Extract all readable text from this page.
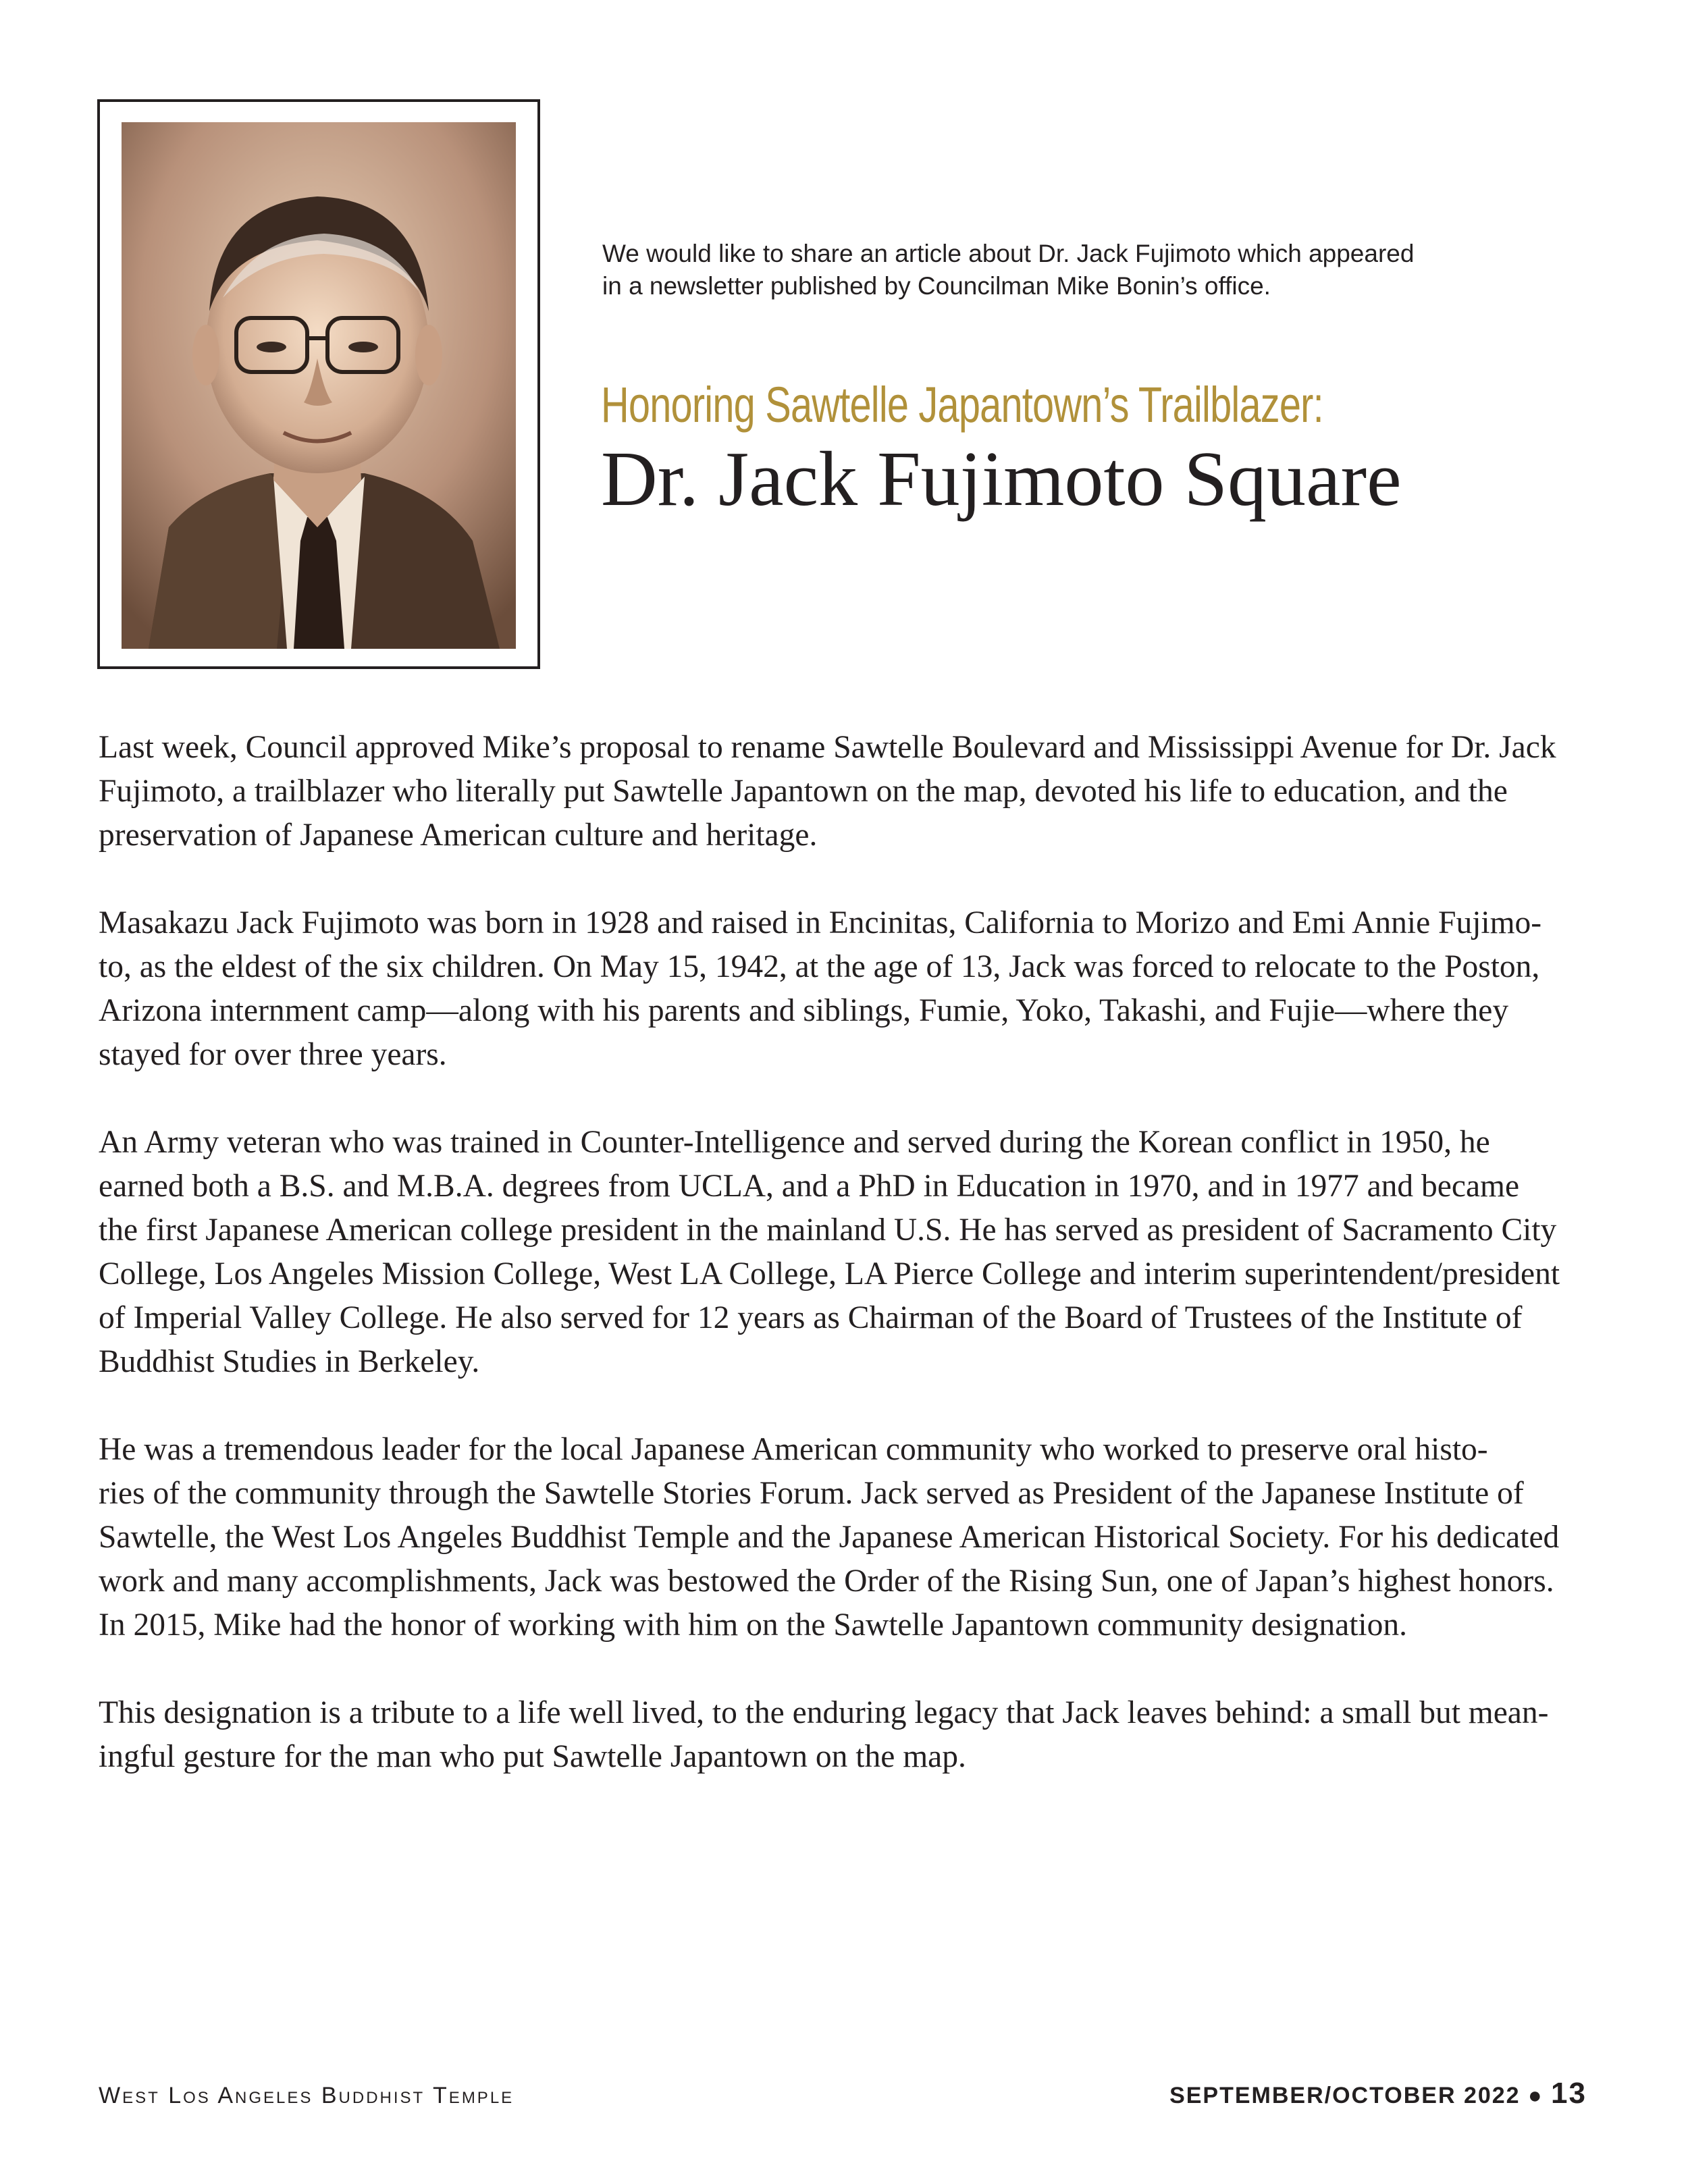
We would like to share an article about Dr. Jack Fujimoto which appeared
in a newsletter published by Councilman Mike Bonin’s office.
Honoring Sawtelle Japantown’s Trailblazer:
Dr. Jack Fujimoto Square

Last week, Council approved Mike’s proposal to rename Sawtelle Boulevard and Mississippi Avenue for Dr. Jack
Fujimoto, a trailblazer who literally put Sawtelle Japantown on the map, devoted his life to education, and the
preservation of Japanese American culture and heritage.

Masakazu Jack Fujimoto was born in 1928 and raised in Encinitas, California to Morizo and Emi Annie Fujimo-
to, as the eldest of the six children. On May 15, 1942, at the age of 13, Jack was forced to relocate to the Poston,
Arizona internment camp—along with his parents and siblings, Fumie, Yoko, Takashi, and Fujie—where they
stayed for over three years.

An Army veteran who was trained in Counter-Intelligence and served during the Korean conflict in 1950, he
earned both a B.S. and M.B.A. degrees from UCLA, and a PhD in Education in 1970, and in 1977 and became
the first Japanese American college president in the mainland U.S. He has served as president of Sacramento City
College, Los Angeles Mission College, West LA College, LA Pierce College and interim superintendent/president
of Imperial Valley College. He also served for 12 years as Chairman of the Board of Trustees of the Institute of
Buddhist Studies in Berkeley.

He was a tremendous leader for the local Japanese American community who worked to preserve oral histo-
ries of the community through the Sawtelle Stories Forum. Jack served as President of the Japanese Institute of
Sawtelle, the West Los Angeles Buddhist Temple and the Japanese American Historical Society. For his dedicated
work and many accomplishments, Jack was bestowed the Order of the Rising Sun, one of Japan’s highest honors.
In 2015, Mike had the honor of working with him on the Sawtelle Japantown community designation.

This designation is a tribute to a life well lived, to the enduring legacy that Jack leaves behind: a small but mean-
ingful gesture for the man who put Sawtelle Japantown on the map.

West Los Angeles Buddhist Temple	SEPTEMBER/OCTOBER 2022 ● 13
